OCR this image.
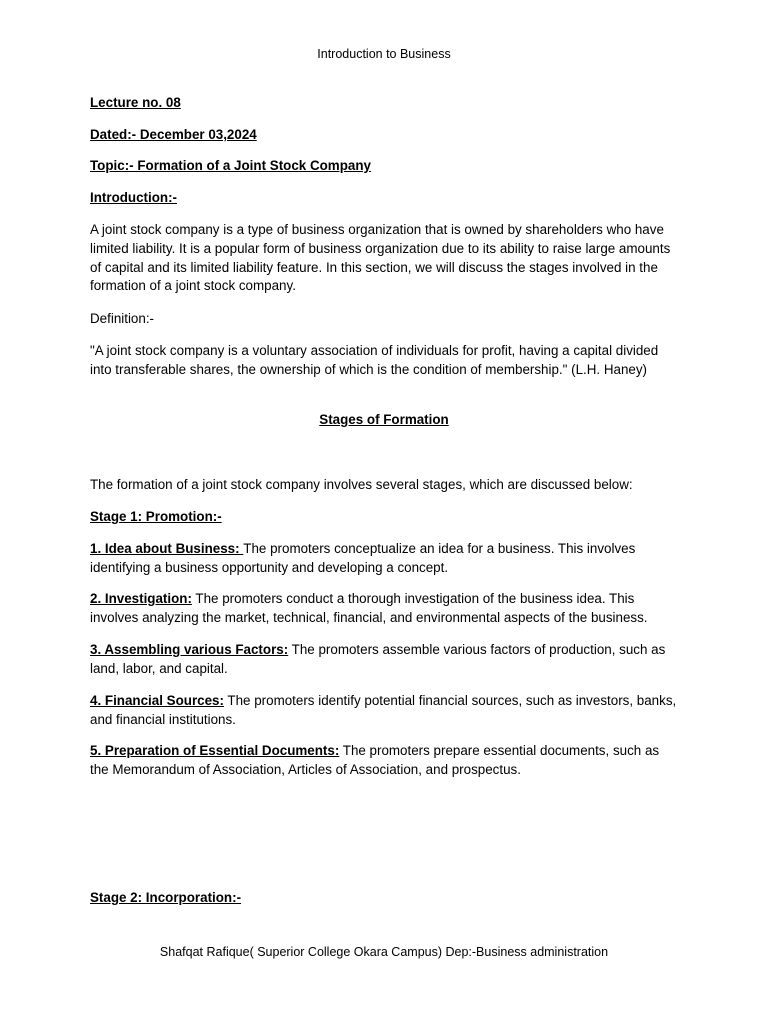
Introduction to Business

Lecture no. 08

Dated:- December 03,2024

Topic:- Formation of a Joint Stock Company

Introduction:-

A joint stock company is a type of business organization that is owned by shareholders who have limited liability. It is a popular form of business organization due to its ability to raise large amounts of capital and its limited liability feature. In this section, we will discuss the stages involved in the formation of a joint stock company.

Definition:-

"A joint stock company is a voluntary association of individuals for profit, having a capital divided into transferable shares, the ownership of which is the condition of membership." (L.H. Haney)

Stages of Formation

The formation of a joint stock company involves several stages, which are discussed below:

Stage 1: Promotion:-

1. Idea about Business: The promoters conceptualize an idea for a business. This involves identifying a business opportunity and developing a concept.

2. Investigation: The promoters conduct a thorough investigation of the business idea. This involves analyzing the market, technical, financial, and environmental aspects of the business.

3. Assembling various Factors: The promoters assemble various factors of production, such as land, labor, and capital.

4. Financial Sources: The promoters identify potential financial sources, such as investors, banks, and financial institutions.

5. Preparation of Essential Documents: The promoters prepare essential documents, such as the Memorandum of Association, Articles of Association, and prospectus.

Stage 2: Incorporation:-

Shafqat Rafique( Superior College Okara Campus) Dep:-Business administration
